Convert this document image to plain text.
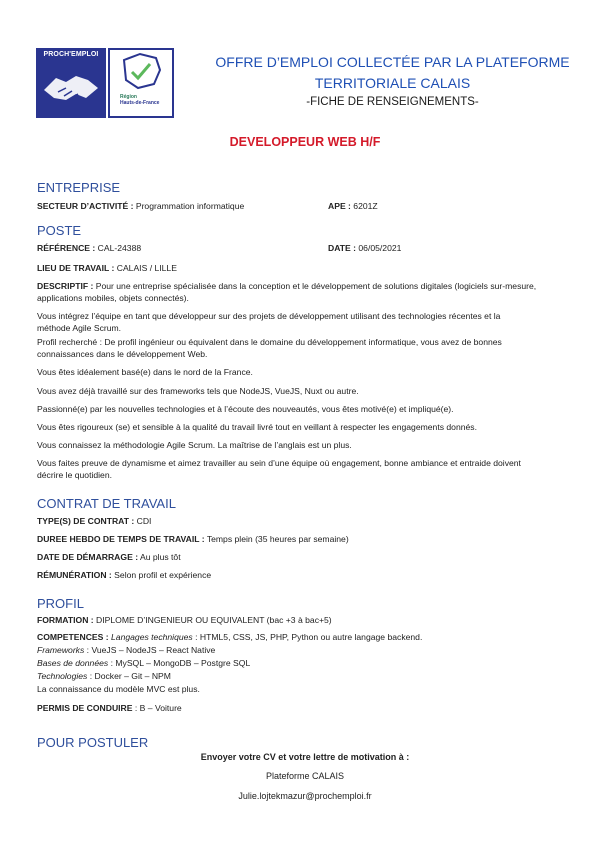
PROCH'EMPLOI
Région
Hauts-de-France
OFFRE D’EMPLOI COLLECTÉE PAR LA PLATEFORME
TERRITORIALE CALAIS
-FICHE DE RENSEIGNEMENTS-
DEVELOPPEUR WEB H/F
ENTREPRISE
SECTEUR D’ACTIVITÉ : Programmation informatique	APE : 6201Z
POSTE
RÉFÉRENCE : CAL-24388	DATE : 06/05/2021
LIEU DE TRAVAIL : CALAIS / LILLE
DESCRIPTIF : Pour une entreprise spécialisée dans la conception et le développement de solutions digitales (logiciels sur-mesure,
applications mobiles, objets connectés).
Vous intégrez l’équipe en tant que développeur sur des projets de développement utilisant des technologies récentes et la
méthode Agile Scrum.
Profil recherché : De profil ingénieur ou équivalent dans le domaine du développement informatique, vous avez de bonnes
connaissances dans le développement Web.
Vous êtes idéalement basé(e) dans le nord de la France.
Vous avez déjà travaillé sur des frameworks tels que NodeJS, VueJS, Nuxt ou autre.
Passionné(e) par les nouvelles technologies et à l’écoute des nouveautés, vous êtes motivé(e) et impliqué(e).
Vous êtes rigoureux (se) et sensible à la qualité du travail livré tout en veillant à respecter les engagements donnés.
Vous connaissez la méthodologie Agile Scrum. La maîtrise de l’anglais est un plus.
Vous faites preuve de dynamisme et aimez travailler au sein d’une équipe où engagement, bonne ambiance et entraide doivent
décrire le quotidien.
CONTRAT DE TRAVAIL
TYPE(S) DE CONTRAT : CDI
DUREE HEBDO DE TEMPS DE TRAVAIL : Temps plein (35 heures par semaine)
DATE DE DÉMARRAGE : Au plus tôt
RÉMUNÉRATION : Selon profil et expérience
PROFIL
FORMATION : DIPLOME D’INGENIEUR OU EQUIVALENT (bac +3 à bac+5)
COMPETENCES : Langages techniques : HTML5, CSS, JS, PHP, Python ou autre langage backend.
Frameworks : VueJS – NodeJS – React Native
Bases de données : MySQL – MongoDB – Postgre SQL
Technologies : Docker – Git – NPM
La connaissance du modèle MVC est plus.
PERMIS DE CONDUIRE : B – Voiture
POUR POSTULER
Envoyer votre CV et votre lettre de motivation à :
Plateforme CALAIS
Julie.lojtekmazur@prochemploi.fr
